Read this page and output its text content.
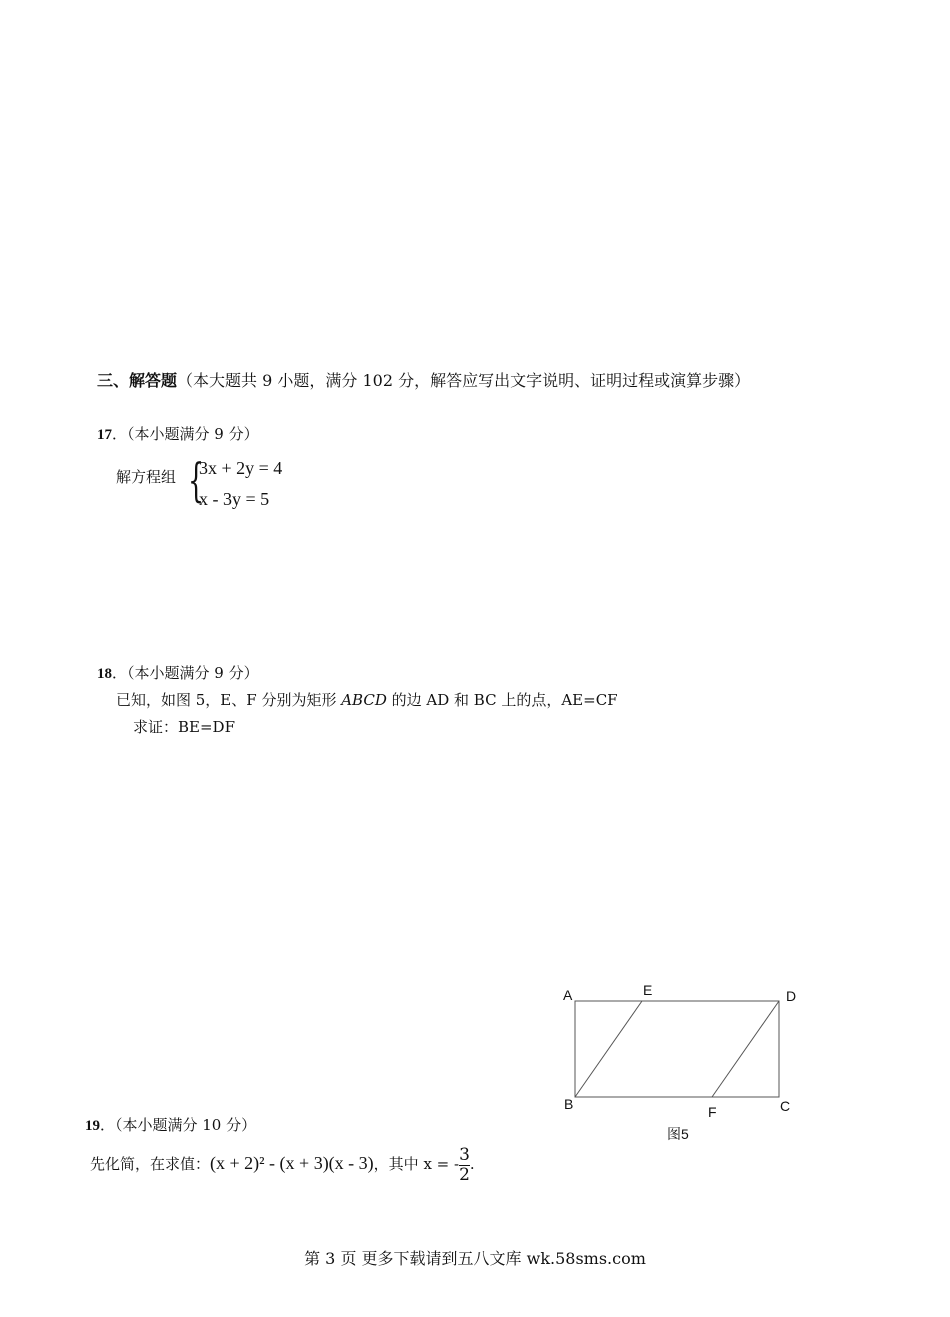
三、解答题（本大题共 9 小题，满分 102 分，解答应写出文字说明、证明过程或演算步骤）
17．（本小题满分 9 分）
解方程组 {
3x + 2y = 4
x - 3y = 5
18．（本小题满分 9 分）
已知，如图 5，E、F 分别为矩形 ABCD 的边 AD 和 BC 上的点，AE=CF
求证：BE=DF
A	E	D
B	F	C
图5
19．（本小题满分 10 分）
先化简，在求值：(x + 2)² - (x + 3)(x - 3)，其中 x = - $\frac{3}{2}$ .
第 3 页 更多下载请到五八文库 wk.58sms.com
